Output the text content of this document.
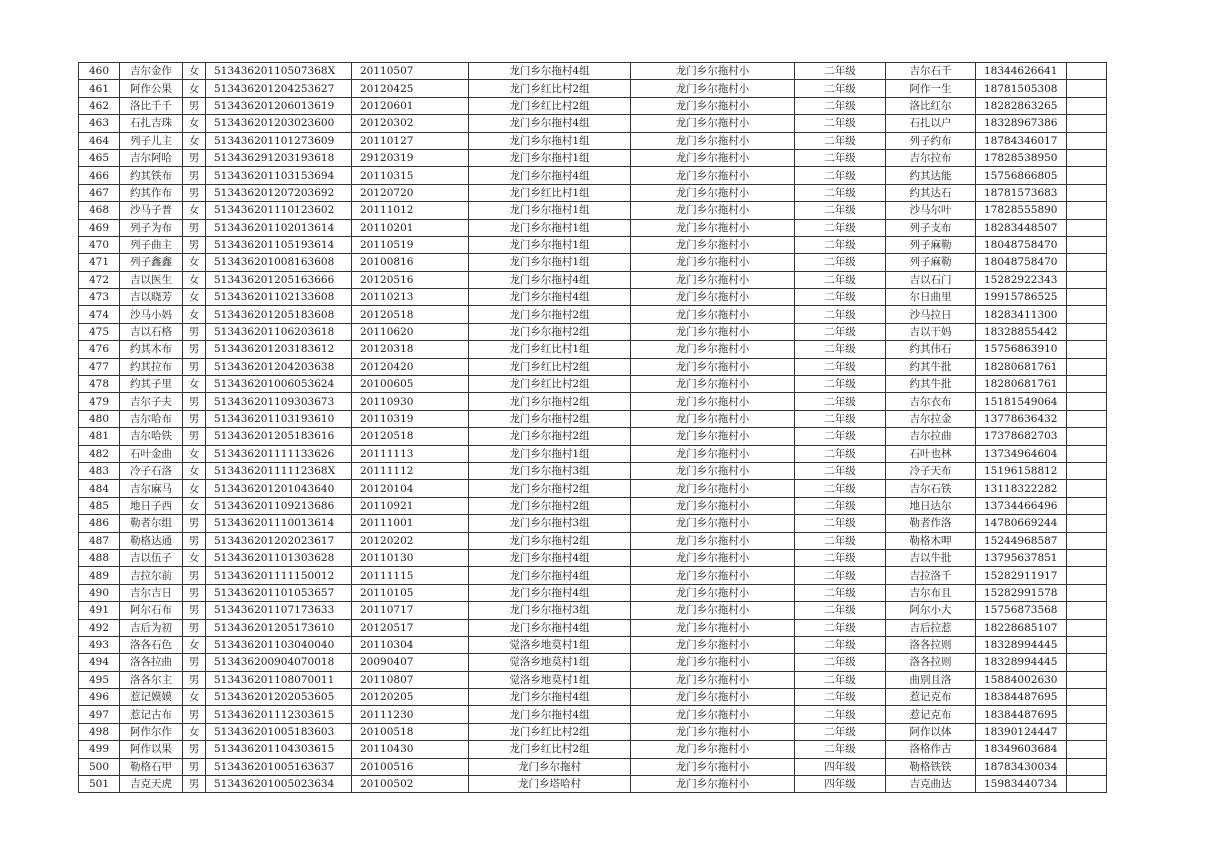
460	吉尔金作	女	51343620110507368X	20110507	龙门乡尔拖村4组	龙门乡尔拖村小	二年级	吉尔石千	18344626641	
461	阿作公果	女	513436201204253627	20120425	龙门乡红比村2组	龙门乡尔拖村小	二年级	阿作一生	18781505308	
462	洛比千千	男	513436201206013619	20120601	龙门乡红比村2组	龙门乡尔拖村小	二年级	洛比红尔	18282863265	
463	石扎吉珠	女	513436201203023600	20120302	龙门乡尔拖村4组	龙门乡尔拖村小	二年级	石扎以户	18328967386	
464	列子儿主	女	513436201101273609	20110127	龙门乡尔拖村1组	龙门乡尔拖村小	二年级	列子约布	18784346017	
465	吉尔阿哈	男	513436291203193618	29120319	龙门乡尔拖村1组	龙门乡尔拖村小	二年级	吉尔拉布	17828538950	
466	约其铁布	男	513436201103153694	20110315	龙门乡尔拖村4组	龙门乡尔拖村小	二年级	约其达能	15756866805	
467	约其作布	男	513436201207203692	20120720	龙门乡红比村1组	龙门乡尔拖村小	二年级	约其达石	18781573683	
468	沙马子普	女	513436201110123602	20111012	龙门乡尔拖村1组	龙门乡尔拖村小	二年级	沙马尔叶	17828555890	
469	列子为布	男	513436201102013614	20110201	龙门乡尔拖村1组	龙门乡尔拖村小	二年级	列子支布	18283448507	
470	列子曲主	男	513436201105193614	20110519	龙门乡尔拖村1组	龙门乡尔拖村小	二年级	列子麻勒	18048758470	
471	列子鑫鑫	女	513436201008163608	20100816	龙门乡尔拖村1组	龙门乡尔拖村小	二年级	列子麻勒	18048758470	
472	吉以医生	女	513436201205163666	20120516	龙门乡尔拖村4组	龙门乡尔拖村小	二年级	吉以石门	15282922343	
473	吉以晓芳	女	513436201102133608	20110213	龙门乡尔拖村4组	龙门乡尔拖村小	二年级	尔日曲里	19915786525	
474	沙马小妈	女	513436201205183608	20120518	龙门乡尔拖村2组	龙门乡尔拖村小	二年级	沙马拉日	18283411300	
475	吉以石格	男	513436201106203618	20110620	龙门乡尔拖村2组	龙门乡尔拖村小	二年级	吉以干妈	18328855442	
476	约其木布	男	513436201203183612	20120318	龙门乡红比村1组	龙门乡尔拖村小	二年级	约其伟石	15756863910	
477	约其拉布	男	513436201204203638	20120420	龙门乡红比村2组	龙门乡尔拖村小	二年级	约其牛批	18280681761	
478	约其子里	女	513436201006053624	20100605	龙门乡红比村2组	龙门乡尔拖村小	二年级	约其牛批	18280681761	
479	吉尔子夫	男	513436201109303673	20110930	龙门乡尔拖村2组	龙门乡尔拖村小	二年级	吉尔衣布	15181549064	
480	吉尔哈布	男	513436201103193610	20110319	龙门乡尔拖村2组	龙门乡尔拖村小	二年级	吉尔拉金	13778636432	
481	吉尔哈铁	男	513436201205183616	20120518	龙门乡尔拖村2组	龙门乡尔拖村小	二年级	吉尔拉曲	17378682703	
482	石叶金曲	女	513436201111133626	20111113	龙门乡尔拖村1组	龙门乡尔拖村小	二年级	石叶也林	13734964604	
483	冷子石洛	女	51343620111112368X	20111112	龙门乡尔拖村3组	龙门乡尔拖村小	二年级	冷子天布	15196158812	
484	吉尔麻马	女	513436201201043640	20120104	龙门乡尔拖村2组	龙门乡尔拖村小	二年级	吉尔石铁	13118322282	
485	地日子西	女	513436201109213686	20110921	龙门乡尔拖村2组	龙门乡尔拖村小	二年级	地日达尔	13734466496	
486	勒者尔组	男	513436201110013614	20111001	龙门乡尔拖村3组	龙门乡尔拖村小	二年级	勒者作洛	14780669244	
487	勒格达通	男	513436201202023617	20120202	龙门乡尔拖村2组	龙门乡尔拖村小	二年级	勒格木呷	15244968587	
488	吉以伍子	女	513436201101303628	20110130	龙门乡尔拖村4组	龙门乡尔拖村小	二年级	吉以牛批	13795637851	
489	吉拉尔前	男	513436201111150012	20111115	龙门乡尔拖村4组	龙门乡尔拖村小	二年级	吉拉洛千	15282911917	
490	吉尔吉日	男	513436201101053657	20110105	龙门乡尔拖村4组	龙门乡尔拖村小	二年级	吉尔布且	15282991578	
491	阿尔石布	男	513436201107173633	20110717	龙门乡尔拖村3组	龙门乡尔拖村小	二年级	阿尔小大	15756873568	
492	吉后为初	男	513436201205173610	20120517	龙门乡尔拖村4组	龙门乡尔拖村小	二年级	吉后拉惹	18228685107	
493	洛各石色	女	513436201103040040	20110304	觉洛乡地莫村1组	龙门乡尔拖村小	二年级	洛各拉则	18328994445	
494	洛各拉曲	男	513436200904070018	20090407	觉洛乡地莫村1组	龙门乡尔拖村小	二年级	洛各拉则	18328994445	
495	洛各尔主	男	513436201108070011	20110807	觉洛乡地莫村1组	龙门乡尔拖村小	二年级	曲别且洛	15884002630	
496	惹记嫫嫫	女	513436201202053605	20120205	龙门乡尔拖村4组	龙门乡尔拖村小	二年级	惹记克布	18384487695	
497	惹记古布	男	513436201112303615	20111230	龙门乡尔拖村4组	龙门乡尔拖村小	二年级	惹记克布	18384487695	
498	阿作尔作	女	513436201005183603	20100518	龙门乡红比村2组	龙门乡尔拖村小	二年级	阿作以体	18390124447	
499	阿作以果	男	513436201104303615	20110430	龙门乡红比村2组	龙门乡尔拖村小	二年级	洛格作古	18349603684	
500	勒格石甲	男	513436201005163637	20100516	龙门乡尔拖村	龙门乡尔拖村小	四年级	勒格铁铁	18783430034	
501	吉克天虎	男	513436201005023634	20100502	龙门乡塔哈村	龙门乡尔拖村小	四年级	吉克曲达	15983440734	
